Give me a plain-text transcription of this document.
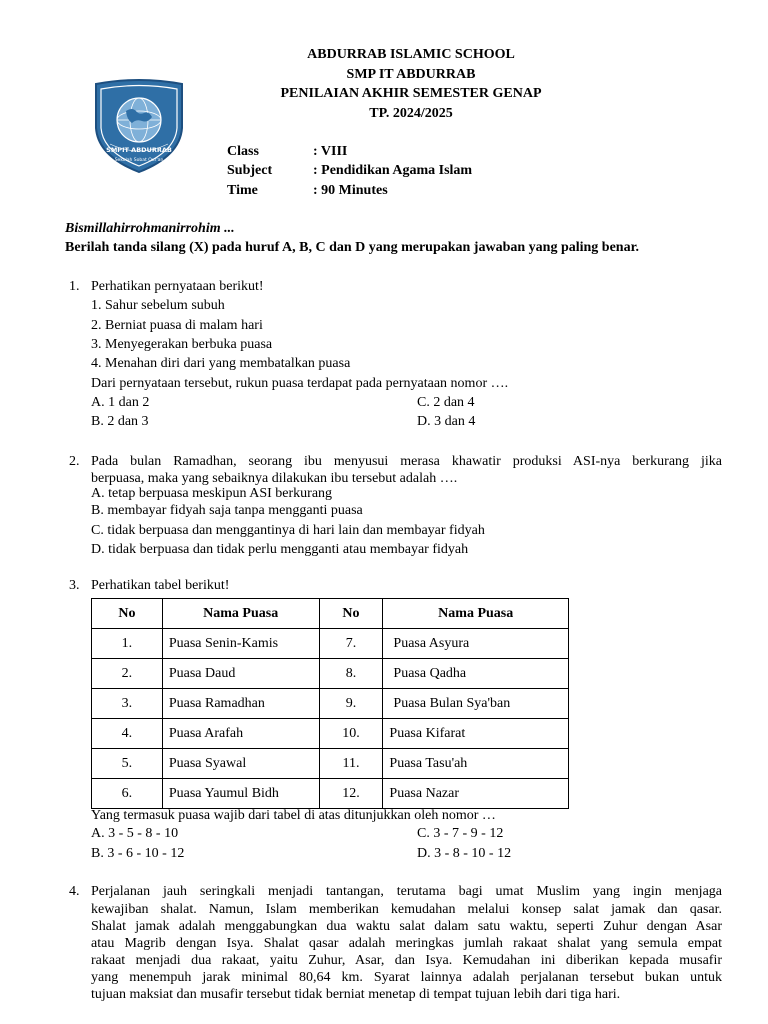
ABDURRAB ISLAMIC SCHOOL
SMP IT ABDURRAB
PENILAIAN AKHIR SEMESTER GENAP
TP. 2024/2025
SMPIT ABDURRAB
Sekolah Sobat Qur'an
Class	: VIII
Subject	: Pendidikan Agama Islam
Time	: 90 Minutes
Bismillahirrohmanirrohim ...
Berilah tanda silang (X) pada huruf A, B, C dan D yang merupakan jawaban yang paling benar.
1. Perhatikan pernyataan berikut!
1. Sahur sebelum subuh
2. Berniat puasa di malam hari
3. Menyegerakan berbuka puasa
4. Menahan diri dari yang membatalkan puasa
Dari pernyataan tersebut, rukun puasa terdapat pada pernyataan nomor ….
A. 1 dan 2	C. 2 dan 4
B. 2 dan 3	D. 3 dan 4
2. Pada bulan Ramadhan, seorang ibu menyusui merasa khawatir produksi ASI-nya berkurang jika
berpuasa, maka yang sebaiknya dilakukan ibu tersebut adalah ….
A. tetap berpuasa meskipun ASI berkurang
B. membayar fidyah saja tanpa mengganti puasa
C. tidak berpuasa dan menggantinya di hari lain dan membayar fidyah
D. tidak berpuasa dan tidak perlu mengganti atau membayar fidyah
3. Perhatikan tabel berikut!
No	Nama Puasa	No	Nama Puasa
1.	Puasa Senin-Kamis	7.	Puasa Asyura
2.	Puasa Daud	8.	Puasa Qadha
3.	Puasa Ramadhan	9.	Puasa Bulan Sya'ban
4.	Puasa Arafah	10.	Puasa Kifarat
5.	Puasa Syawal	11.	Puasa Tasu'ah
6.	Puasa Yaumul Bidh	12.	Puasa Nazar
Yang termasuk puasa wajib dari tabel di atas ditunjukkan oleh nomor …
A. 3 - 5 - 8 - 10	C. 3 - 7 - 9 - 12
B. 3 - 6 - 10 - 12	D. 3 - 8 - 10 - 12
4. Perjalanan jauh seringkali menjadi tantangan, terutama bagi umat Muslim yang ingin menjaga
kewajiban shalat. Namun, Islam memberikan kemudahan melalui konsep salat jamak dan qasar.
Shalat jamak adalah menggabungkan dua waktu salat dalam satu waktu, seperti Zuhur dengan Asar
atau Magrib dengan Isya. Shalat qasar adalah meringkas jumlah rakaat shalat yang semula empat
rakaat menjadi dua rakaat, yaitu Zuhur, Asar, dan Isya. Kemudahan ini diberikan kepada musafir
yang menempuh jarak minimal 80,64 km. Syarat lainnya adalah perjalanan tersebut bukan untuk
tujuan maksiat dan musafir tersebut tidak berniat menetap di tempat tujuan lebih dari tiga hari.
